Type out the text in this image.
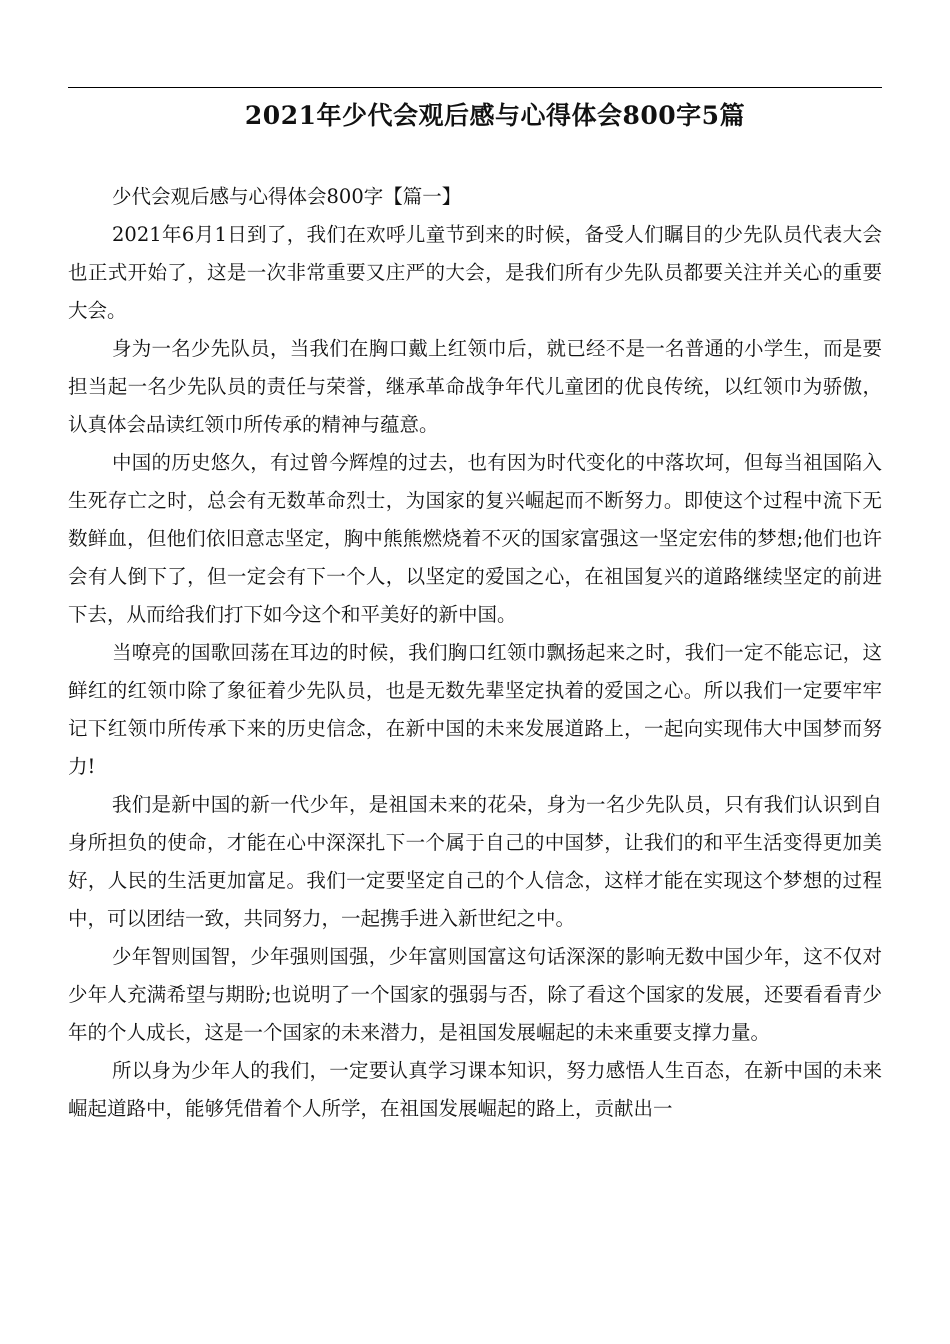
2021年少代会观后感与心得体会800字5篇

少代会观后感与心得体会800字【篇一】

2021年6月1日到了，我们在欢呼儿童节到来的时候，备受人们瞩目的少先队员代表大会也正式开始了，这是一次非常重要又庄严的大会，是我们所有少先队员都要关注并关心的重要大会。

身为一名少先队员，当我们在胸口戴上红领巾后，就已经不是一名普通的小学生，而是要担当起一名少先队员的责任与荣誉，继承革命战争年代儿童团的优良传统，以红领巾为骄傲，认真体会品读红领巾所传承的精神与蕴意。

中国的历史悠久，有过曾今辉煌的过去，也有因为时代变化的中落坎坷，但每当祖国陷入生死存亡之时，总会有无数革命烈士，为国家的复兴崛起而不断努力。即使这个过程中流下无数鲜血，但他们依旧意志坚定，胸中熊熊燃烧着不灭的国家富强这一坚定宏伟的梦想;他们也许会有人倒下了，但一定会有下一个人，以坚定的爱国之心，在祖国复兴的道路继续坚定的前进下去，从而给我们打下如今这个和平美好的新中国。

当嘹亮的国歌回荡在耳边的时候，我们胸口红领巾飘扬起来之时，我们一定不能忘记，这鲜红的红领巾除了象征着少先队员，也是无数先辈坚定执着的爱国之心。所以我们一定要牢牢记下红领巾所传承下来的历史信念，在新中国的未来发展道路上，一起向实现伟大中国梦而努力!

我们是新中国的新一代少年，是祖国未来的花朵，身为一名少先队员，只有我们认识到自身所担负的使命，才能在心中深深扎下一个属于自己的中国梦，让我们的和平生活变得更加美好，人民的生活更加富足。我们一定要坚定自己的个人信念，这样才能在实现这个梦想的过程中，可以团结一致，共同努力，一起携手进入新世纪之中。

少年智则国智，少年强则国强，少年富则国富这句话深深的影响无数中国少年，这不仅对少年人充满希望与期盼;也说明了一个国家的强弱与否，除了看这个国家的发展，还要看看青少年的个人成长，这是一个国家的未来潜力，是祖国发展崛起的未来重要支撑力量。

所以身为少年人的我们，一定要认真学习课本知识，努力感悟人生百态，在新中国的未来崛起道路中，能够凭借着个人所学，在祖国发展崛起的路上，贡献出一
